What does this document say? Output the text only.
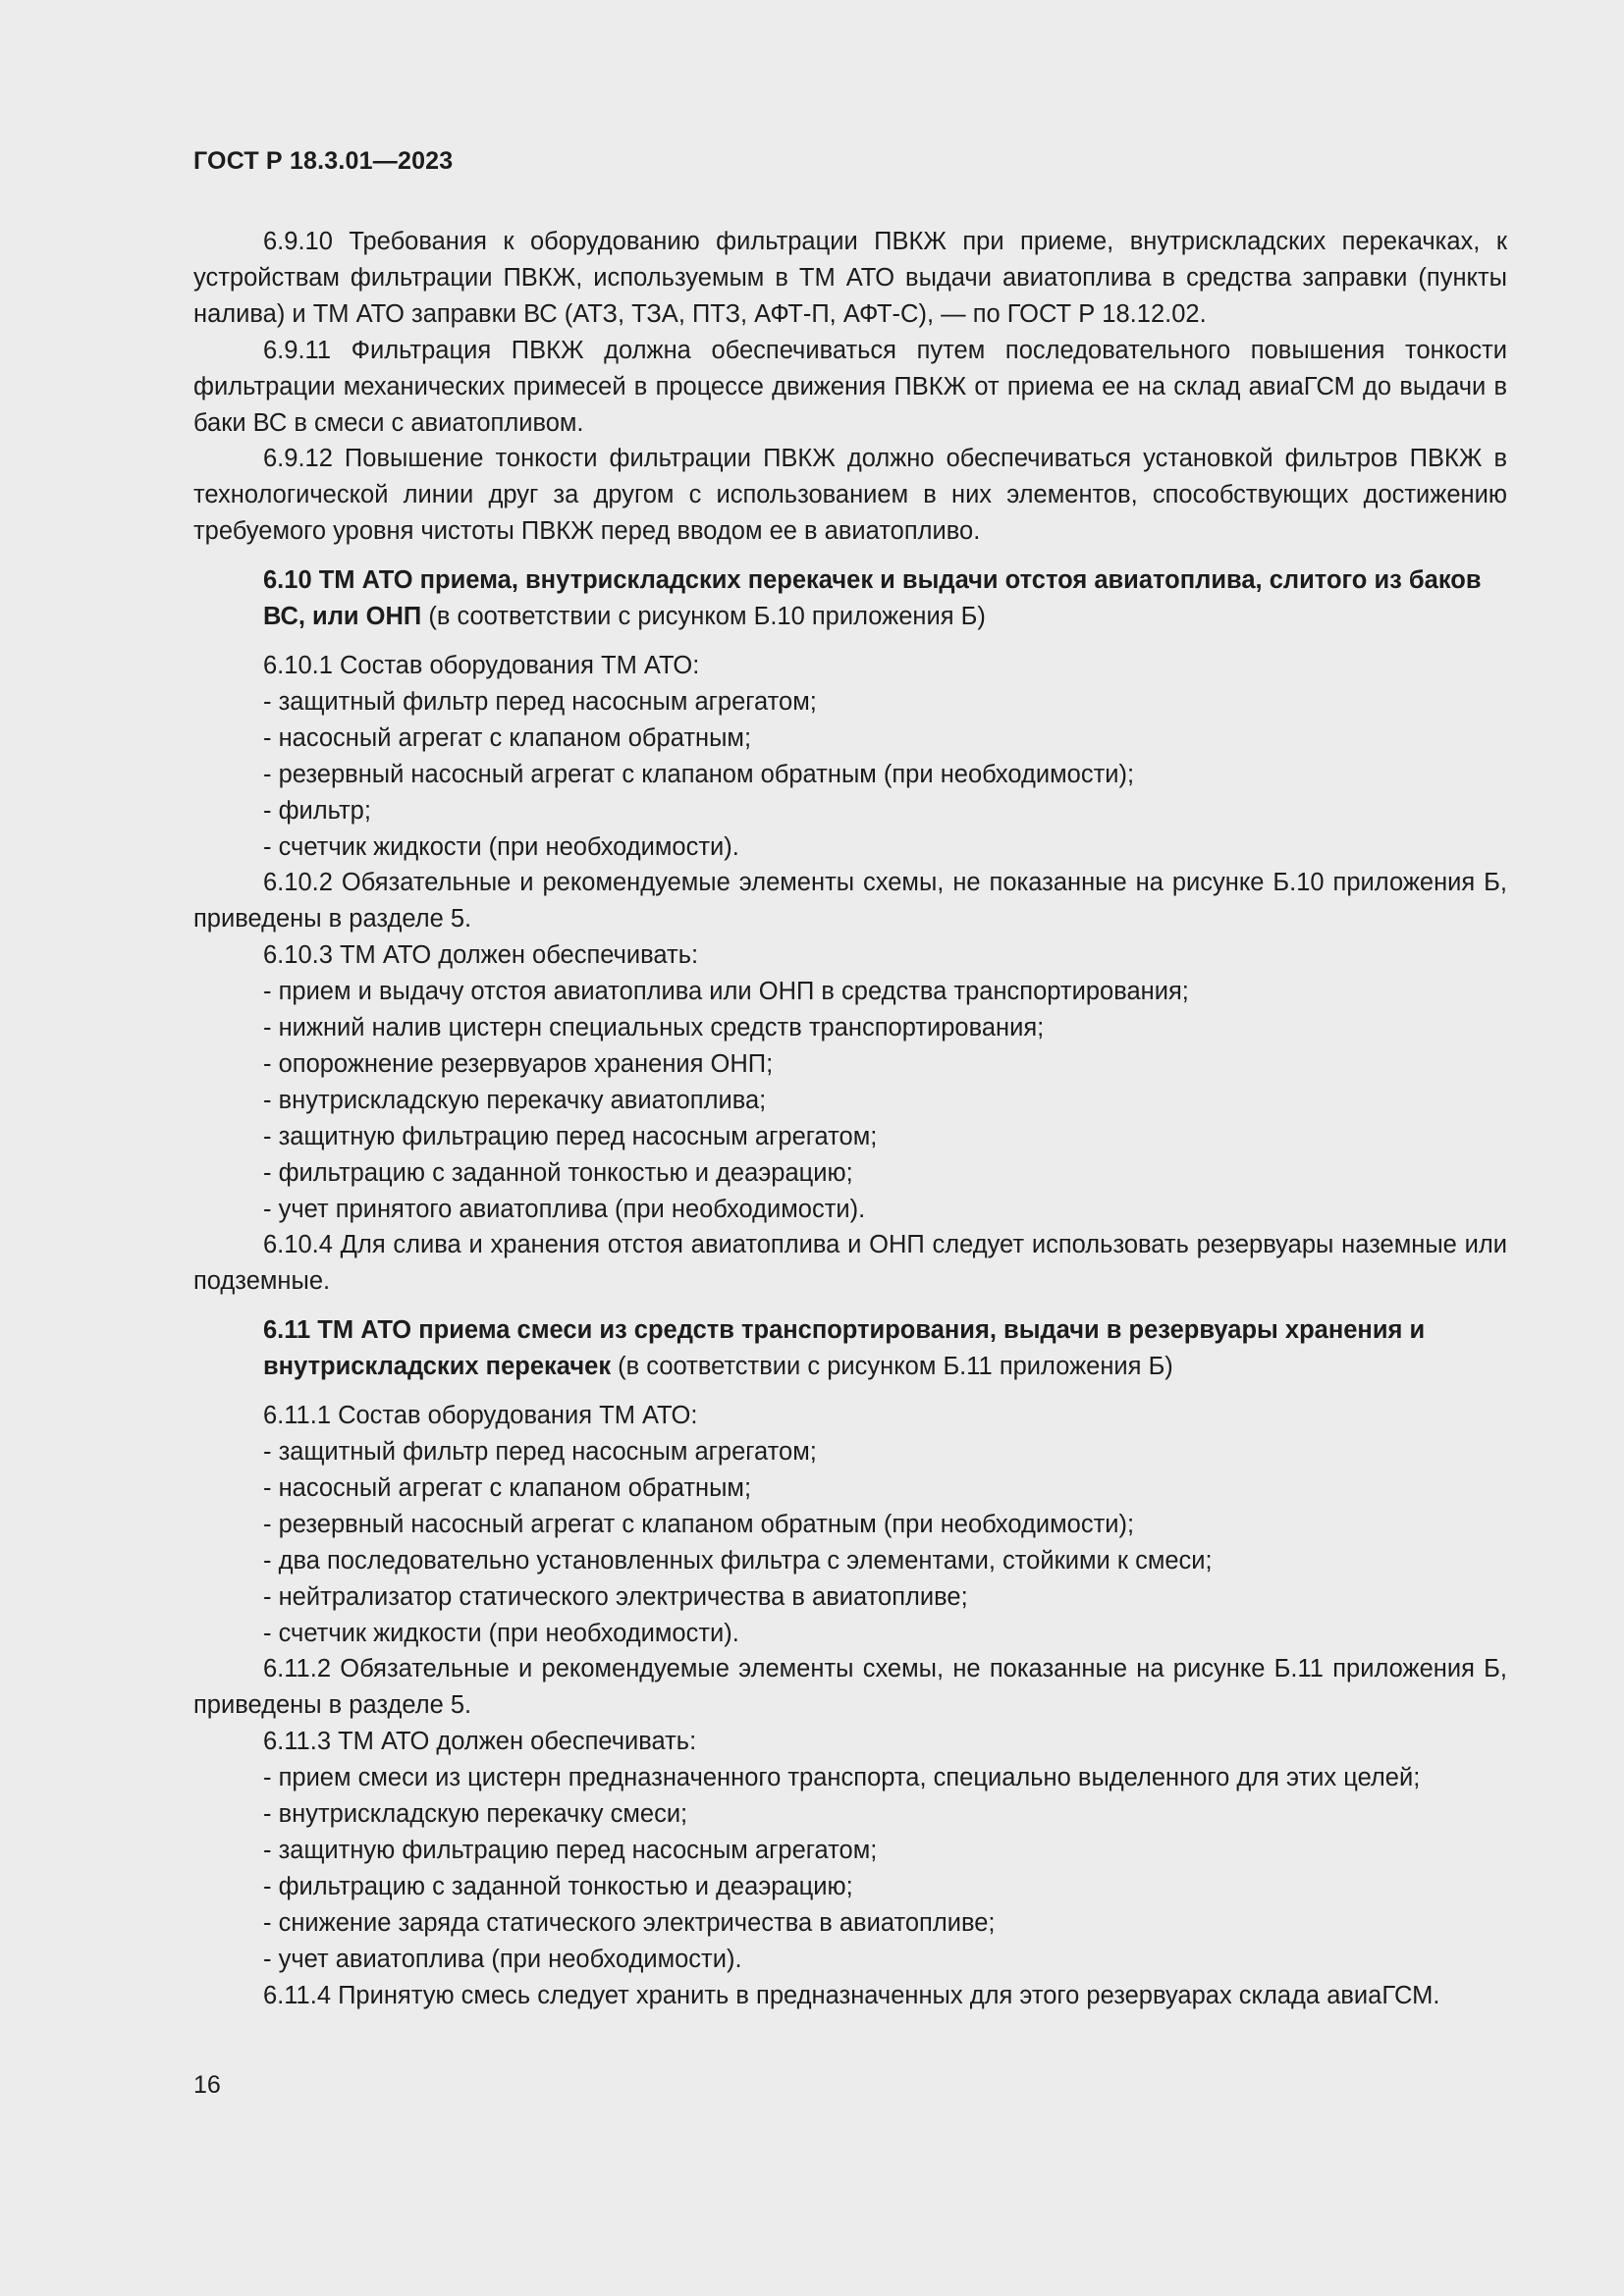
ГОСТ Р 18.3.01—2023

6.9.10 Требования к оборудованию фильтрации ПВКЖ при приеме, внутрискладских перекачках, к устройствам фильтрации ПВКЖ, используемым в ТМ АТО выдачи авиатоплива в средства заправки (пункты налива) и ТМ АТО заправки ВС (АТЗ, ТЗА, ПТЗ, АФТ-П, АФТ-С), — по ГОСТ Р 18.12.02.

6.9.11 Фильтрация ПВКЖ должна обеспечиваться путем последовательного повышения тонкости фильтрации механических примесей в процессе движения ПВКЖ от приема ее на склад авиаГСМ до выдачи в баки ВС в смеси с авиатопливом.

6.9.12 Повышение тонкости фильтрации ПВКЖ должно обеспечиваться установкой фильтров ПВКЖ в технологической линии друг за другом с использованием в них элементов, способствующих достижению требуемого уровня чистоты ПВКЖ перед вводом ее в авиатопливо.

6.10 ТМ АТО приема, внутрискладских перекачек и выдачи отстоя авиатоплива, слитого из баков ВС, или ОНП (в соответствии с рисунком Б.10 приложения Б)

6.10.1 Состав оборудования ТМ АТО:

- защитный фильтр перед насосным агрегатом;

- насосный агрегат с клапаном обратным;

- резервный насосный агрегат с клапаном обратным (при необходимости);

- фильтр;

- счетчик жидкости (при необходимости).

6.10.2 Обязательные и рекомендуемые элементы схемы, не показанные на рисунке Б.10 приложения Б, приведены в разделе 5.

6.10.3 ТМ АТО должен обеспечивать:

- прием и выдачу отстоя авиатоплива или ОНП в средства транспортирования;

- нижний налив цистерн специальных средств транспортирования;

- опорожнение резервуаров хранения ОНП;

- внутрискладскую перекачку авиатоплива;

- защитную фильтрацию перед насосным агрегатом;

- фильтрацию с заданной тонкостью и деаэрацию;

- учет принятого авиатоплива (при необходимости).

6.10.4 Для слива и хранения отстоя авиатоплива и ОНП следует использовать резервуары наземные или подземные.

6.11 ТМ АТО приема смеси из средств транспортирования, выдачи в резервуары хранения и внутрискладских перекачек (в соответствии с рисунком Б.11 приложения Б)

6.11.1 Состав оборудования ТМ АТО:

- защитный фильтр перед насосным агрегатом;

- насосный агрегат с клапаном обратным;

- резервный насосный агрегат с клапаном обратным (при необходимости);

- два последовательно установленных фильтра с элементами, стойкими к смеси;

- нейтрализатор статического электричества в авиатопливе;

- счетчик жидкости (при необходимости).

6.11.2 Обязательные и рекомендуемые элементы схемы, не показанные на рисунке Б.11 приложения Б, приведены в разделе 5.

6.11.3 ТМ АТО должен обеспечивать:

- прием смеси из цистерн предназначенного транспорта, специально выделенного для этих целей;

- внутрискладскую перекачку смеси;

- защитную фильтрацию перед насосным агрегатом;

- фильтрацию с заданной тонкостью и деаэрацию;

- снижение заряда статического электричества в авиатопливе;

- учет авиатоплива (при необходимости).

6.11.4 Принятую смесь следует хранить в предназначенных для этого резервуарах склада авиаГСМ.

16
